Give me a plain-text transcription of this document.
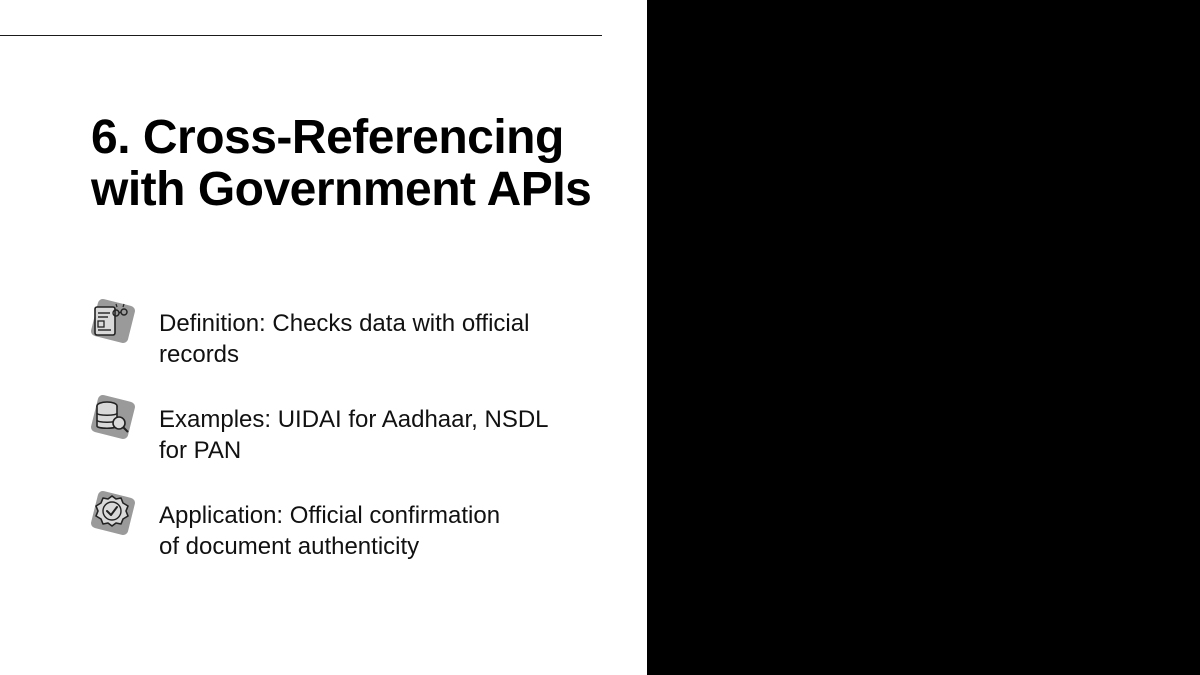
6. Cross-Referencing
with Government APIs
Definition: Checks data with official
records
Examples: UIDAI for Aadhaar, NSDL
for PAN
Application: Official confirmation
of document authenticity
